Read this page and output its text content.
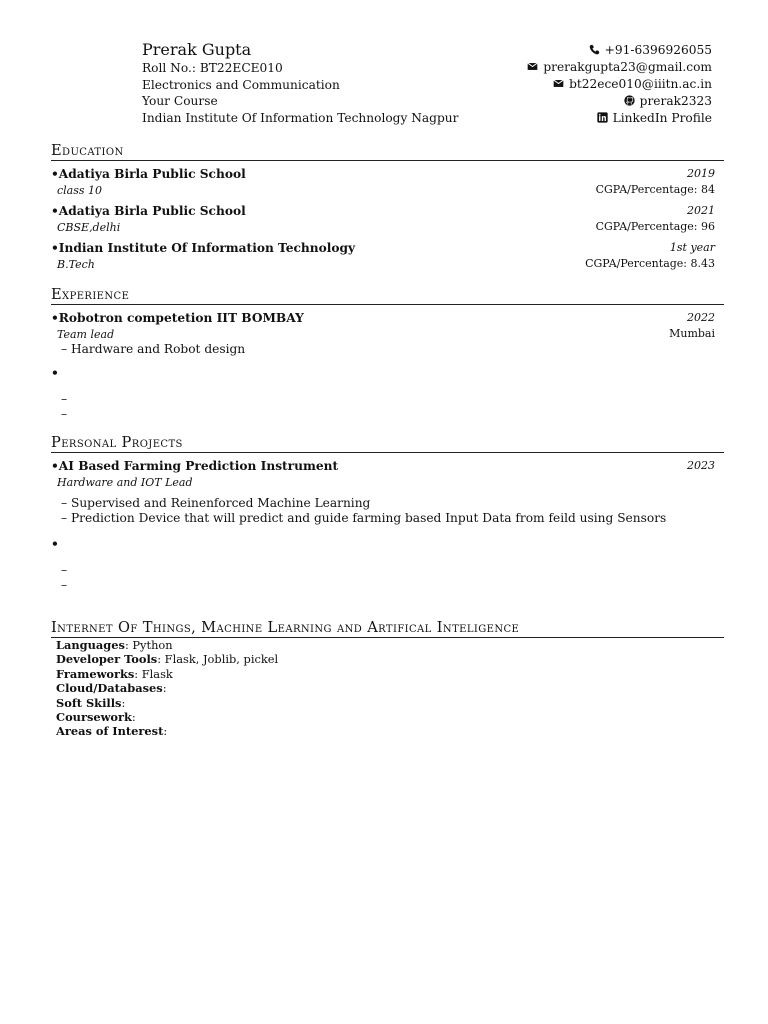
Prerak Gupta
Roll No.: BT22ECE010
Electronics and Communication
Your Course
Indian Institute Of Information Technology Nagpur
+91-6396926055
prerakgupta23@gmail.com
bt22ece010@iiitn.ac.in
prerak2323
LinkedIn Profile
Education
•Adatiya Birla Public School	2019
class 10	CGPA/Percentage: 84
•Adatiya Birla Public School	2021
CBSE,delhi	CGPA/Percentage: 96
•Indian Institute Of Information Technology	1st year
B.Tech	CGPA/Percentage: 8.43
Experience
•Robotron competetion IIT BOMBAY	2022
Team lead	Mumbai
– Hardware and Robot design
•
–
–
Personal Projects
•AI Based Farming Prediction Instrument	2023
Hardware and IOT Lead
– Supervised and Reinenforced Machine Learning
– Prediction Device that will predict and guide farming based Input Data from feild using Sensors
•
–
–
Internet Of Things, Machine Learning and Artifical Inteligence
Languages: Python
Developer Tools: Flask, Joblib, pickel
Frameworks: Flask
Cloud/Databases:
Soft Skills:
Coursework:
Areas of Interest:
